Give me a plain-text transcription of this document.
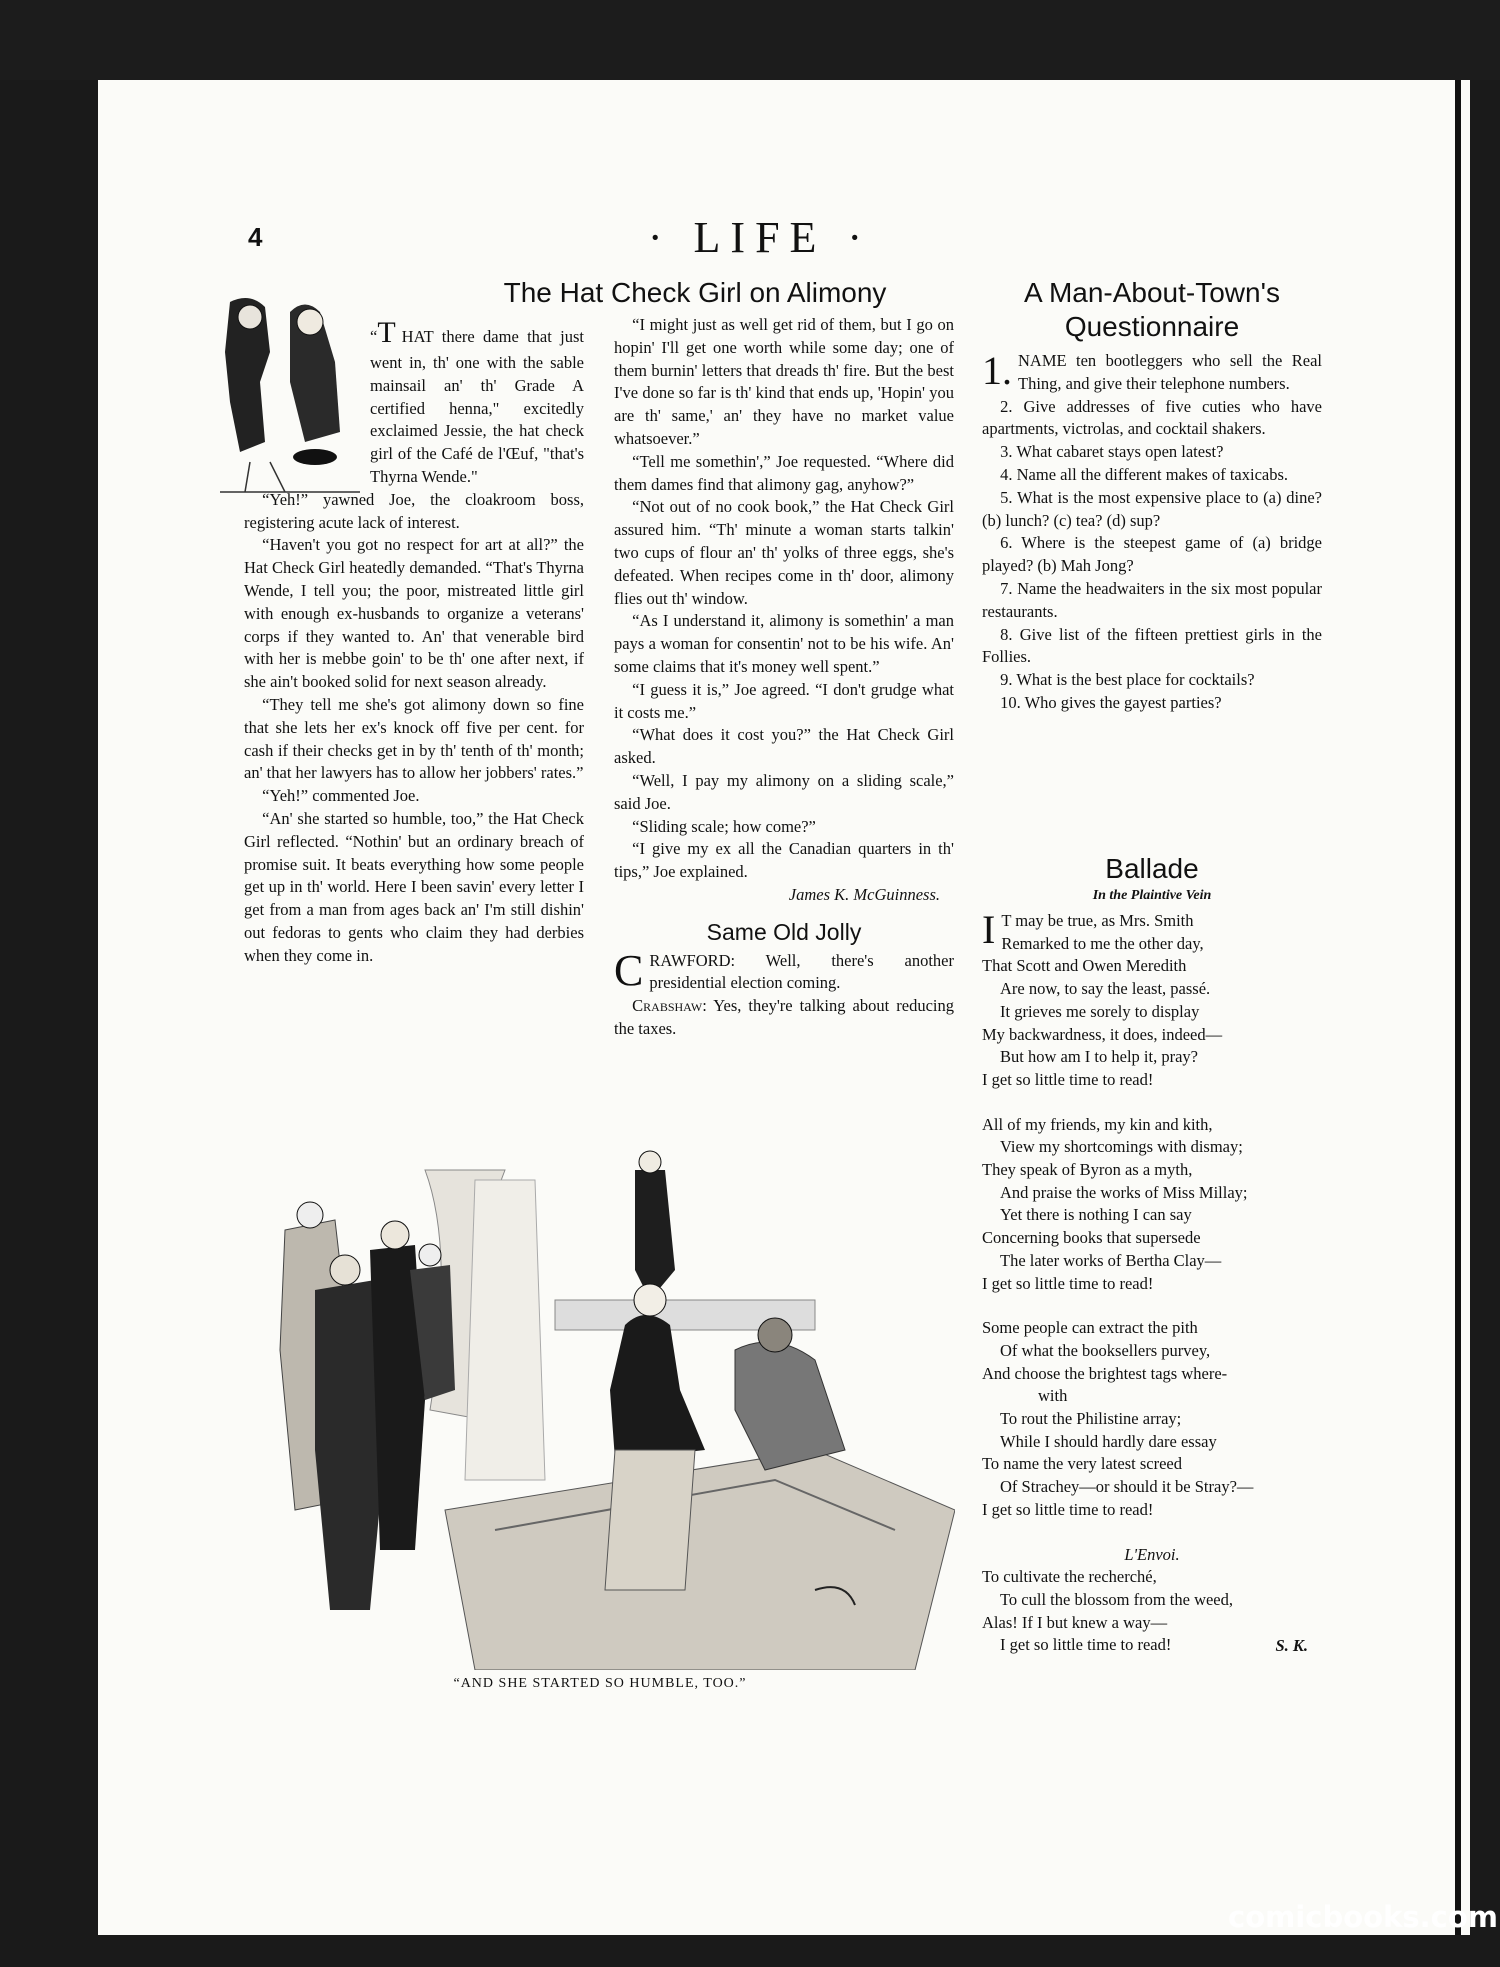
4	· LIFE ·
The Hat Check Girl on Alimony
“T HAT there dame that just went in, th' one with the sable mainsail an' th' Grade A certified henna," excitedly exclaimed Jessie, the hat check girl of the Café de l'Œuf, "that's Thyrna Wende."

“Yeh!” yawned Joe, the cloakroom boss, registering acute lack of interest.

“Haven't you got no respect for art at all?” the Hat Check Girl heatedly demanded. “That's Thyrna Wende, I tell you; the poor, mistreated little girl with enough ex-husbands to organize a veterans' corps if they wanted to. An' that venerable bird with her is mebbe goin' to be th' one after next, if she ain't booked solid for next season already.

“They tell me she's got alimony down so fine that she lets her ex's knock off five per cent. for cash if their checks get in by th' tenth of th' month; an' that her lawyers has to allow her jobbers' rates.”

“Yeh!” commented Joe.

“An' she started so humble, too,” the Hat Check Girl reflected. “Nothin' but an ordinary breach of promise suit. It beats everything how some people get up in th' world. Here I been savin' every letter I get from a man from ages back an' I'm still dishin' out fedoras to gents who claim they had derbies when they come in.

“I might just as well get rid of them, but I go on hopin' I'll get one worth while some day; one of them burnin' letters that dreads th' fire. But the best I've done so far is th' kind that ends up, 'Hopin' you are th' same,' an' they have no market value whatsoever.”

“Tell me somethin',” Joe requested. “Where did them dames find that alimony gag, anyhow?”

“Not out of no cook book,” the Hat Check Girl assured him. “Th' minute a woman starts talkin' two cups of flour an' th' yolks of three eggs, she's defeated. When recipes come in th' door, alimony flies out th' window.

“As I understand it, alimony is somethin' a man pays a woman for consentin' not to be his wife. An' some claims that it's money well spent.”

“I guess it is,” Joe agreed. “I don't grudge what it costs me.”

“What does it cost you?” the Hat Check Girl asked.

“Well, I pay my alimony on a sliding scale,” said Joe.

“Sliding scale; how come?”

“I give my ex all the Canadian quarters in th' tips,” Joe explained.

James K. McGuinness.
Same Old Jolly
CRAWFORD: Well, there's another presidential election coming.

Crabshaw: Yes, they're talking about reducing the taxes.

“AND SHE STARTED SO HUMBLE, TOO.”
A Man-About-Town's
Questionnaire
1. NAME ten bootleggers who sell the Real Thing, and give their telephone numbers.

2. Give addresses of five cuties who have apartments, victrolas, and cocktail shakers.

3. What cabaret stays open latest?

4. Name all the different makes of taxicabs.

5. What is the most expensive place to (a) dine? (b) lunch? (c) tea? (d) sup?

6. Where is the steepest game of (a) bridge played? (b) Mah Jong?

7. Name the headwaiters in the six most popular restaurants.

8. Give list of the fifteen prettiest girls in the Follies.

9. What is the best place for cocktails?

10. Who gives the gayest parties?

Ballade
In the Plaintive Vein
I T may be true, as Mrs. Smith
Remarked to me the other day,
That Scott and Owen Meredith
Are now, to say the least, passé.
It grieves me sorely to display
My backwardness, it does, indeed—
But how am I to help it, pray?
I get so little time to read!
All of my friends, my kin and kith,
View my shortcomings with dismay;
They speak of Byron as a myth,
And praise the works of Miss Millay;
Yet there is nothing I can say
Concerning books that supersede
The later works of Bertha Clay—
I get so little time to read!
Some people can extract the pith
Of what the booksellers purvey,
And choose the brightest tags where-
with
To rout the Philistine array;
While I should hardly dare essay
To name the very latest screed
Of Strachey—or should it be Stray?—
I get so little time to read!
L'Envoi.
To cultivate the recherché,
To cull the blossom from the weed,
Alas! If I but knew a way—
I get so little time to read!	S. K.
comicbooks.com
